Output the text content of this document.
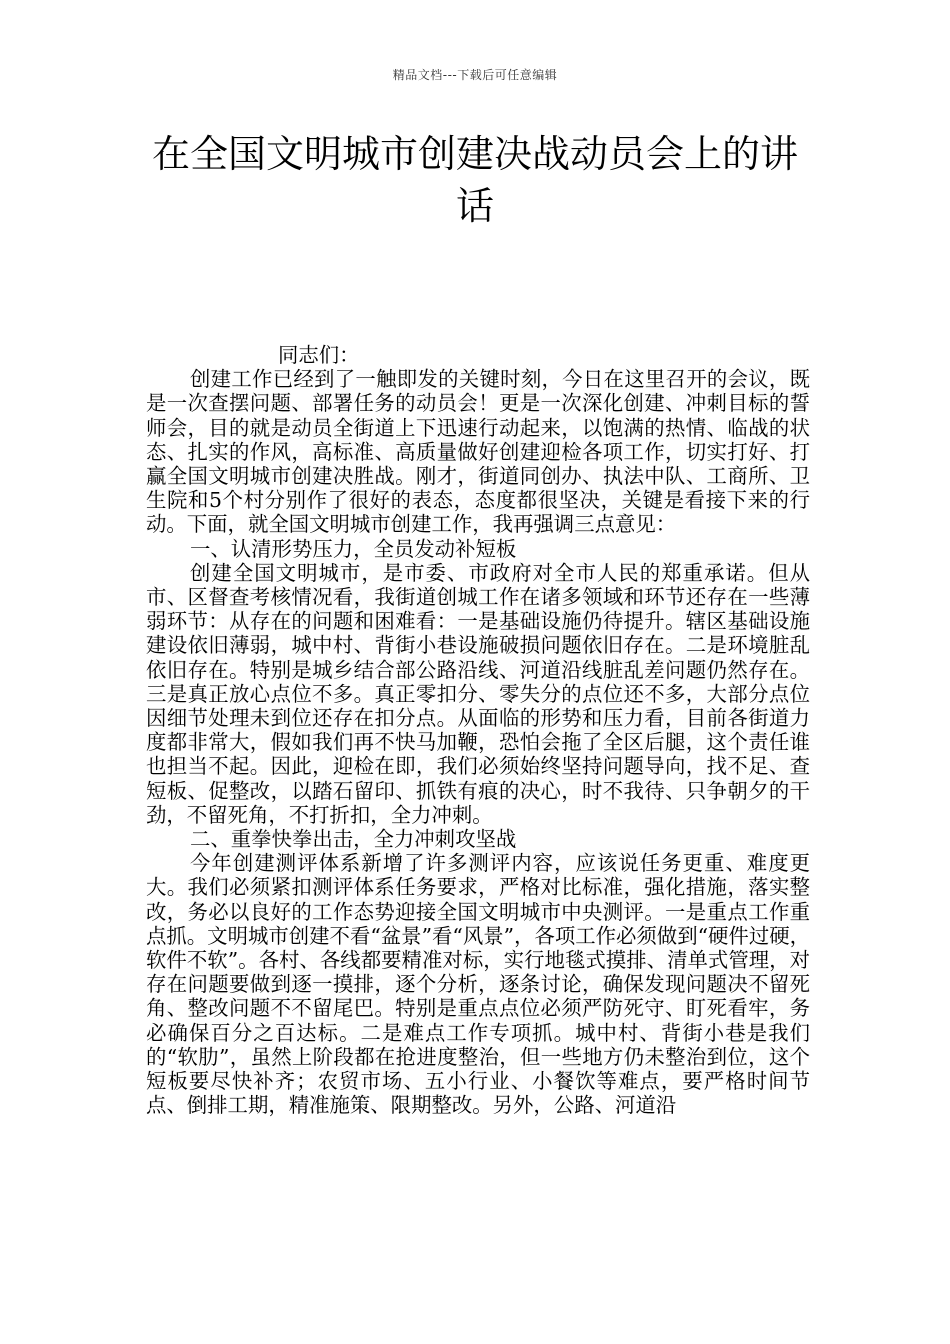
精品文档---下载后可任意编辑
在全国文明城市创建决战动员会上的讲话

同志们：

创建工作已经到了一触即发的关键时刻，今日在这里召开的会议，既是一次查摆问题、部署任务的动员会！更是一次深化创建、冲刺目标的誓师会，目的就是动员全街道上下迅速行动起来，以饱满的热情、临战的状态、扎实的作风，高标准、高质量做好创建迎检各项工作，切实打好、打赢全国文明城市创建决胜战。刚才，街道同创办、执法中队、工商所、卫生院和5个村分别作了很好的表态，态度都很坚决，关键是看接下来的行动。下面，就全国文明城市创建工作，我再强调三点意见：

一、认清形势压力，全员发动补短板

创建全国文明城市，是市委、市政府对全市人民的郑重承诺。但从市、区督查考核情况看，我街道创城工作在诸多领域和环节还存在一些薄弱环节：从存在的问题和困难看：一是基础设施仍待提升。辖区基础设施建设依旧薄弱，城中村、背街小巷设施破损问题依旧存在。二是环境脏乱依旧存在。特别是城乡结合部公路沿线、河道沿线脏乱差问题仍然存在。三是真正放心点位不多。真正零扣分、零失分的点位还不多，大部分点位因细节处理未到位还存在扣分点。从面临的形势和压力看，目前各街道力度都非常大，假如我们再不快马加鞭，恐怕会拖了全区后腿，这个责任谁也担当不起。因此，迎检在即，我们必须始终坚持问题导向，找不足、查短板、促整改，以踏石留印、抓铁有痕的决心，时不我待、只争朝夕的干劲，不留死角，不打折扣，全力冲刺。

二、重拳快拳出击，全力冲刺攻坚战

今年创建测评体系新增了许多测评内容，应该说任务更重、难度更大。我们必须紧扣测评体系任务要求，严格对比标准，强化措施，落实整改，务必以良好的工作态势迎接全国文明城市中央测评。一是重点工作重点抓。文明城市创建不看“盆景”看“风景”，各项工作必须做到“硬件过硬，软件不软”。各村、各线都要精准对标，实行地毯式摸排、清单式管理，对存在问题要做到逐一摸排，逐个分析，逐条讨论，确保发现问题决不留死角、整改问题不不留尾巴。特别是重点点位必须严防死守、盯死看牢，务必确保百分之百达标。二是难点工作专项抓。城中村、背街小巷是我们的“软肋”，虽然上阶段都在抢进度整治，但一些地方仍未整治到位，这个短板要尽快补齐；农贸市场、五小行业、小餐饮等难点，要严格时间节点、倒排工期，精准施策、限期整改。另外，公路、河道沿
